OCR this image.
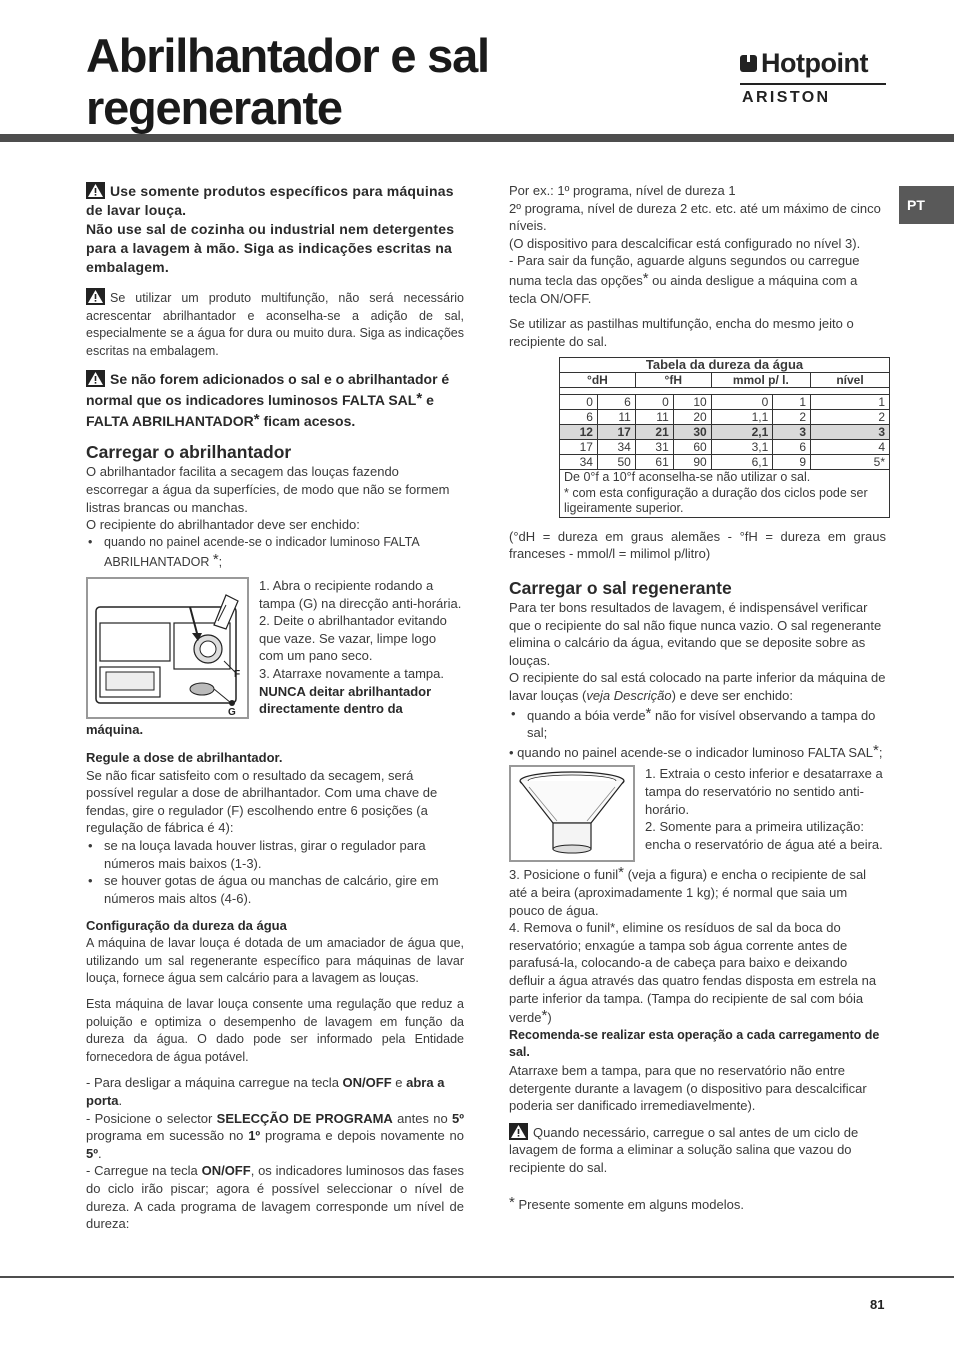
Abrilhantador e sal
regenerante
Hotpoint
ARISTON
PT

Use somente produtos específicos para máquinas de lavar louça.
Não use sal de cozinha ou industrial nem detergentes para a lavagem à mão. Siga as indicações escritas na embalagem.

Se utilizar um produto multifunção, não será necessário acrescentar abrilhantador e aconselha-se a adição de sal, especialmente se a água for dura ou muito dura. Siga as indicações escritas na embalagem.

Se não forem adicionados o sal e o abrilhantador é normal que os indicadores luminosos FALTA SAL* e FALTA ABRILHANTADOR* ficam acesos.

Carregar o abrilhantador

O abrilhantador facilita a secagem das louças fazendo escorregar a água da superfícies, de modo que não se formem listras brancas ou manchas.

O recipiente do abrilhantador deve ser enchido:

• quando no painel acende-se o indicador luminoso FALTA ABRILHANTADOR *;
F
G

1. Abra o recipiente rodando a tampa (G) na direcção anti-horária.

2. Deite o abrilhantador evitando que vaze. Se vazar, limpe logo com um pano seco.

3. Atarraxe novamente a tampa.

NUNCA deitar abrilhantador directamente dentro da

máquina.

Regule a dose de abrilhantador.

Se não ficar satisfeito com o resultado da secagem, será possível regular a dose de abrilhantador. Com uma chave de fendas, gire o regulador (F) escolhendo entre 6 posições (a regulação de fábrica é 4):

• se na louça lavada houver listras, girar o regulador para números mais baixos (1-3).
• se houver gotas de água ou manchas de calcário, gire em números mais altos (4-6).
Configuração da dureza da água

A máquina de lavar louça é dotada de um amaciador de água que, utilizando um sal regenerante específico para máquinas de lavar louça, fornece água sem calcário para a lavagem as louças.

Esta máquina de lavar louça consente uma regulação que reduz a poluição e optimiza o desempenho de lavagem em função da dureza da água. O dado pode ser informado pela Entidade fornecedora de água potável.

- Para desligar a máquina carregue na tecla ON/OFF e abra a porta.

- Posicione o selector SELECÇÃO DE PROGRAMA antes no 5º programa em sucessão no 1º programa e depois novamente no 5º.

- Carregue na tecla ON/OFF, os indicadores luminosos das fases do ciclo irão piscar; agora é possível seleccionar o nível de dureza. A cada programa de lavagem corresponde um nível de dureza:

Por ex.: 1º programa, nível de dureza 1

2º programa, nível de dureza 2 etc. etc. até um máximo de cinco níveis.

(O dispositivo para descalcificar está configurado no nível 3).

- Para sair da função, aguarde alguns segundos ou carregue numa tecla das opções* ou ainda desligue a máquina com a tecla ON/OFF.

Se utilizar as pastilhas multifunção, encha do mesmo jeito o recipiente do sal.

Tabela da dureza da água						
°dH		°fH		mmol p/ l.		nível

0	6	0	10	0	1	1
6	11	11	20	1,1	2	2
12	17	21	30	2,1	3	3
17	34	31	60	3,1	6	4
34	50	61	90	6,1	9	5*
De 0°f a 10°f aconselha-se não utilizar o sal.
* com esta configuração a duração dos ciclos pode ser ligeiramente superior.						

(°dH = dureza em graus alemães - °fH = dureza em graus franceses - mmol/l = milimol p/litro)

Carregar o sal regenerante

Para ter bons resultados de lavagem, é indispensável verificar que o recipiente do sal não fique nunca vazio. O sal regenerante elimina o calcário da água, evitando que se deposite sobre as louças.

O recipiente do sal está colocado na parte inferior da máquina de lavar louças (veja Descrição) e deve ser enchido:

• quando a bóia verde* não for visível observando a tampa do sal;

• quando no painel acende-se o indicador luminoso FALTA SAL*;

1. Extraia o cesto inferior e desatarraxe a tampa do reservatório no sentido anti-horário.

2. Somente para a primeira utilização: encha o reservatório de água até a beira.

3. Posicione o funil* (veja a figura) e encha o recipiente de sal até a beira (aproximadamente 1 kg); é normal que saia um pouco de água.

4. Remova o funil*, elimine os resíduos de sal da boca do reservatório; enxagúe a tampa sob água corrente antes de parafusá-la, colocando-a de cabeça para baixo e deixando defluir a água através das quatro fendas disposta em estrela na parte inferior da tampa. (Tampa do recipiente de sal com bóia verde*)

Recomenda-se realizar esta operação a cada carregamento de sal.

Atarraxe bem a tampa, para que no reservatório não entre detergente durante a lavagem (o dispositivo para descalcificar poderia ser danificado irremediavelmente).

Quando necessário, carregue o sal antes de um ciclo de lavagem de forma a eliminar a solução salina que vazou do recipiente do sal.

* Presente somente em alguns modelos.

81
